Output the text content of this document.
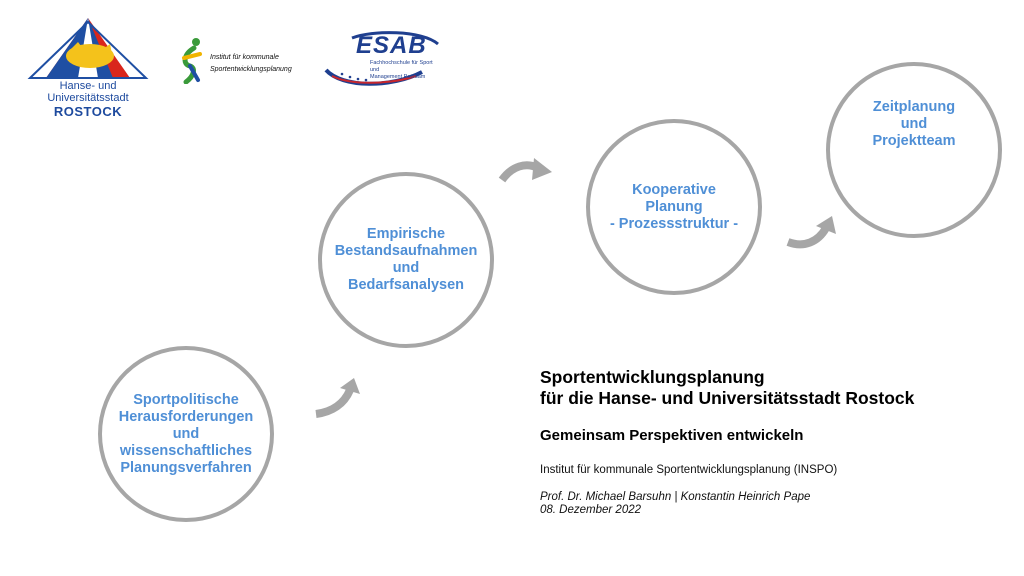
Hanse- und Universitätsstadt
ROSTOCK
Institut für kommunale
Sportentwicklungsplanung
ESAB
Fachhochschule für Sport und
Management Potsdam
Sportpolitische
Herausforderungen
und
wissenschaftliches
Planungsverfahren
Empirische
Bestandsaufnahmen
und
Bedarfsanalysen
Kooperative
Planung
- Prozessstruktur -
Zeitplanung
und
Projektteam
Sportentwicklungsplanung
für die Hanse- und Universitätsstadt Rostock
Gemeinsam Perspektiven entwickeln
Institut für kommunale Sportentwicklungsplanung (INSPO)
Prof. Dr. Michael Barsuhn | Konstantin Heinrich Pape
08. Dezember 2022
